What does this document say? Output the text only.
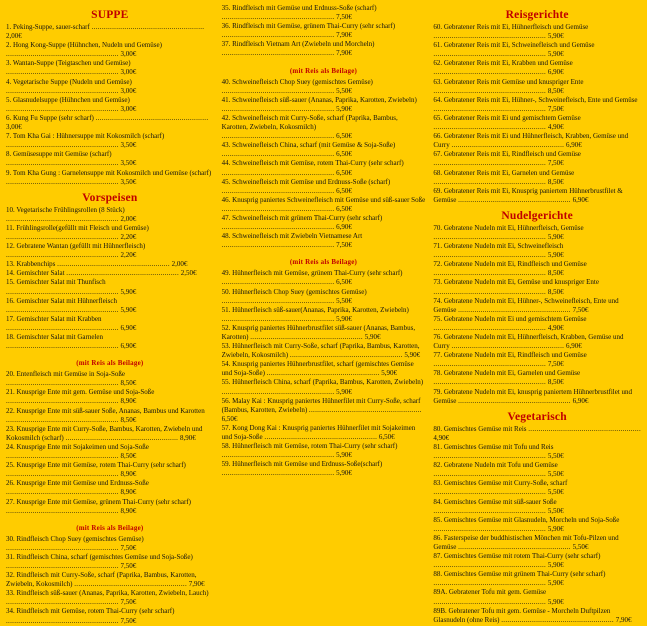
SUPPE
1. Peking-Suppe, sauer-scharf ....................................................... 2,00€
2. Hong Kong-Suppe (Hühnchen, Nudeln und Gemüse) ....................................................... 3,00€
3. Wantan-Suppe (Teigtaschen und Gemüse) ....................................................... 3,00€
4. Vegetarische Suppe (Nudeln und Gemüse) ....................................................... 3,00€
5. Glasnudelsuppe (Hühnchen und Gemüse) ....................................................... 3,00€
6. Kung Fu Suppe (sehr scharf) ....................................................... 3,00€
7. Tom Kha Gai : Hühnersuppe mit Kokosmilch (scharf) ....................................................... 3,50€
8. Gemüsesuppe mit Gemüse (scharf) ....................................................... 3,50€
9. Tom Kha Gung : Garnelensuppe mit Kokosmilch und Gemüse (scharf) ....................................................... 3,50€
Vorspeisen
10. Vegetarische Frühlingsrollen (8 Stück) ....................................................... 2,00€
11. Frühlingsrolle(gefüllt mit Fleisch und Gemüse) ....................................................... 2,20€
12. Gebratene Wantan (gefüllt mit Hühnerfleisch) ....................................................... 2,20€
13. Krabbenchips ....................................................... 2,00€
14. Gemischter Salat ....................................................... 2,50€
15. Gemischter Salat mit Thunfisch ....................................................... 5,90€
16. Gemischter Salat mit Hühnerfleisch ....................................................... 5,90€
17. Gemischter Salat mit Krabben ....................................................... 6,90€
18. Gemischter Salat mit Garnelen ....................................................... 6,90€
(mit Reis als Beilage)
20. Entenfleisch mit Gemüse in Soja-Soße ....................................................... 8,50€
21. Knusprige Ente mit gem. Gemüse und Soja-Soße ....................................................... 8,90€
22. Knusprige Ente mit süß-sauer Soße, Ananas, Bambus und Karotten ....................................................... 8,50€
23. Knusprige Ente mit Curry-Soße, Bambus, Karotten, Zwiebeln und Kokosmilch (scharf) ....................................................... 8,90€
24. Knusprige Ente mit Sojakeimen und Soja-Soße ....................................................... 8,50€
25. Knusprige Ente mit Gemüse, rotem Thai-Curry (sehr scharf) ....................................................... 8,90€
26. Knusprige Ente mit Gemüse und Erdnuss-Soße ....................................................... 8,90€
27. Knusprige Ente mit Gemüse, grünem Thai-Curry (sehr scharf) ....................................................... 8,90€
(mit Reis als Beilage)
30. Rindfleisch Chop Suey (gemischtes Gemüse) ....................................................... 7,50€
31. Rindfleisch China, scharf (gemischtes Gemüse und Soja-Soße) ....................................................... 7,50€
32. Rindfleisch mit Curry-Soße, scharf (Paprika, Bambus, Karotten, Zwiebeln, Kokosmilch) ....................................................... 7,90€
33. Rindfleisch süß-sauer (Ananas, Paprika, Karotten, Zwiebeln, Lauch) ....................................................... 7,50€
34. Rindfleisch mit Gemüse, rotem Thai-Curry (sehr scharf) ....................................................... 7,50€
35. Rindfleisch mit Gemüse und Erdnuss-Soße (scharf) ....................................................... 7,50€
36. Rindfleisch mit Gemüse, grünem Thai-Curry (sehr scharf) ....................................................... 7,90€
37. Rindfleisch Vietnam Art (Zwiebeln und Morcheln) ....................................................... 7,90€
(mit Reis als Beilage)
40. Schweinefleisch Chop Suey (gemischtes Gemüse) ....................................................... 5,50€
41. Schweinefleisch süß-sauer (Ananas, Paprika, Karotten, Zwiebeln) ....................................................... 5,90€
42. Schweinefleisch mit Curry-Soße, scharf (Paprika, Bambus, Karotten, Zwiebeln, Kokosmilch) ....................................................... 6,50€
43. Schweinefleisch China, scharf (mit Gemüse & Soja-Soße) ....................................................... 6,50€
44. Schweinefleisch mit Gemüse, rotem Thai-Curry (sehr scharf) ....................................................... 6,50€
45. Schweinefleisch mit Gemüse und Erdnuss-Soße (scharf) ....................................................... 6,50€
46. Knusprig paniertes Schweinefleisch mit Gemüse und süß-sauer Soße ....................................................... 6,50€
47. Schweinefleisch mit grünem Thai-Curry (sehr scharf) ....................................................... 6,90€
48. Schweinefleisch mit Zwiebeln Vietnamese Art ....................................................... 7,50€
(mit Reis als Beilage)
49. Hühnerfleisch mit Gemüse, grünem Thai-Curry (sehr scharf) ....................................................... 6,50€
50. Hühnerfleisch Chop Suey (gemischtes Gemüse) ....................................................... 5,50€
51. Hühnerfleisch süß-sauer(Ananas, Paprika, Karotten, Zwiebeln) ....................................................... 5,90€
52. Knusprig paniertes Hühnerbrustfilet süß-sauer (Ananas, Bambus, Karotten) ....................................................... 5,90€
53. Hühnerfleisch mit Curry-Soße, scharf (Paprika, Bambus, Karotten, Zwiebeln, Kokosmilch) ....................................................... 5,90€
54. Knusprig paniertes Hühnerbrustfilet, scharf (gemischtes Gemüse und Soja-Soße) ....................................................... 5,90€
55. Hühnerfleisch China, scharf (Paprika, Bambus, Karotten, Zwiebeln) ....................................................... 5,90€
56. Malay Kai : Knusprig paniertes Hühnerfilet mit Curry-Soße, scharf (Bambus, Karotten, Zwiebeln) ....................................................... 6,50€
57. Kong Dong Kai : Knusprig paniertes Hühnerfilet mit Sojakeimen und Soja-Soße ....................................................... 6,50€
58. Hühnerfleisch mit Gemüse, rotem Thai-Curry (sehr scharf) ....................................................... 5,90€
59. Hühnerfleisch mit Gemüse und Erdnuss-Soße(scharf) ....................................................... 5,90€
Reisgerichte
60. Gebratener Reis mit Ei, Hühnerfleisch und Gemüse ....................................................... 5,90€
61. Gebratener Reis mit Ei, Schweinefleisch und Gemüse ....................................................... 5,90€
62. Gebratener Reis mit Ei, Krabben und Gemüse ....................................................... 6,90€
63. Gebratener Reis mit Gemüse und knuspriger Ente ....................................................... 8,50€
64. Gebratener Reis mit Ei, Hühner-, Schweinefleisch, Ente und Gemüse ....................................................... 7,50€
65. Gebratener Reis mit Ei und gemischtem Gemüse ....................................................... 4,90€
66. Gebratener Reis mit Ei und Hühnerfleisch, Krabben, Gemüse und Curry ....................................................... 6,90€
67. Gebratener Reis mit Ei, Rindfleisch und Gemüse ....................................................... 7,50€
68. Gebratener Reis mit Ei, Garnelen und Gemüse ....................................................... 8,50€
69. Gebratener Reis mit Ei, Knusprig paniertem Hühnerbrustfilet & Gemüse ....................................................... 6,90€
Nudelgerichte
70. Gebratene Nudeln mit Ei, Hühnerfleisch, Gemüse ....................................................... 5,90€
71. Gebratene Nudeln mit Ei, Schweinefleisch ....................................................... 5,90€
72. Gebratene Nudeln mit Ei, Rindfleisch und Gemüse ....................................................... 8,50€
73. Gebratene Nudeln mit Ei, Gemüse und knuspriger Ente ....................................................... 8,50€
74. Gebratene Nudeln mit Ei, Hühner-, Schweinefleisch, Ente und Gemüse ....................................................... 7,50€
75. Gebratene Nudeln mit Ei und gemischtem Gemüse ....................................................... 4,90€
76. Gebratene Nudeln mit Ei, Hühnerfleisch, Krabben, Gemüse und Curry ....................................................... 6,90€
77. Gebratene Nudeln mit Ei, Rindfleisch und Gemüse ....................................................... 7,50€
78. Gebratene Nudeln mit Ei, Garnelen und Gemüse ....................................................... 8,50€
79. Gebratene Nudeln mit Ei, knusprig paniertem Hühnerbrustfilet und Gemüse ....................................................... 6,90€
Vegetarisch
80. Gemischtes Gemüse mit Reis ....................................................... 4,90€
81. Gemischtes Gemüse mit Tofu und Reis ....................................................... 5,50€
82. Gebratene Nudeln mit Tofu und Gemüse ....................................................... 5,50€
83. Gemischtes Gemüse mit Curry-Soße, scharf ....................................................... 5,50€
84. Gemischtes Gemüse mit süß-sauer Soße ....................................................... 5,50€
85. Gemischtes Gemüse mit Glasnudeln, Morcheln und Soja-Soße ....................................................... 5,90€
86. Fasterspeise der buddhistischen Mönchen mit Tofu-Pilzen und Gemüse ....................................................... 5,50€
87. Gemischtes Gemüse mit rotem Thai-Curry (sehr scharf) ....................................................... 5,90€
88. Gemischtes Gemüse mit grünem Thai-Curry (sehr scharf) ....................................................... 5,90€
89A. Gebratener Tofu mit gem. Gemüse ....................................................... 5,90€
89B. Gebratener Tofu mit gem. Gemüse - Morcheln Duftpilzen Glasnudeln (ohne Reis) ....................................................... 7,90€
